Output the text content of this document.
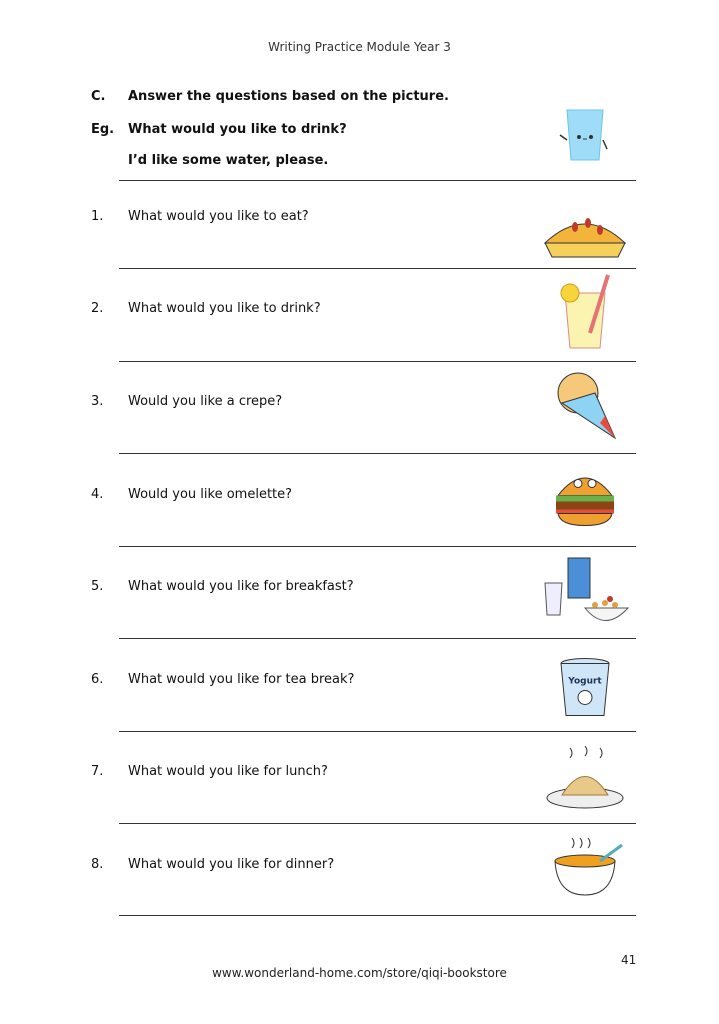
Writing Practice Module Year 3
C. Answer the questions based on the picture.
Eg. What would you like to drink?
I’d like some water, please.
1. What would you like to eat?
2. What would you like to drink?
3. Would you like a crepe?
4. Would you like omelette?
5. What would you like for breakfast?
6. What would you like for tea break?	Yogurt
7. What would you like for lunch?
8. What would you like for dinner?
41
www.wonderland-home.com/store/qiqi-bookstore
